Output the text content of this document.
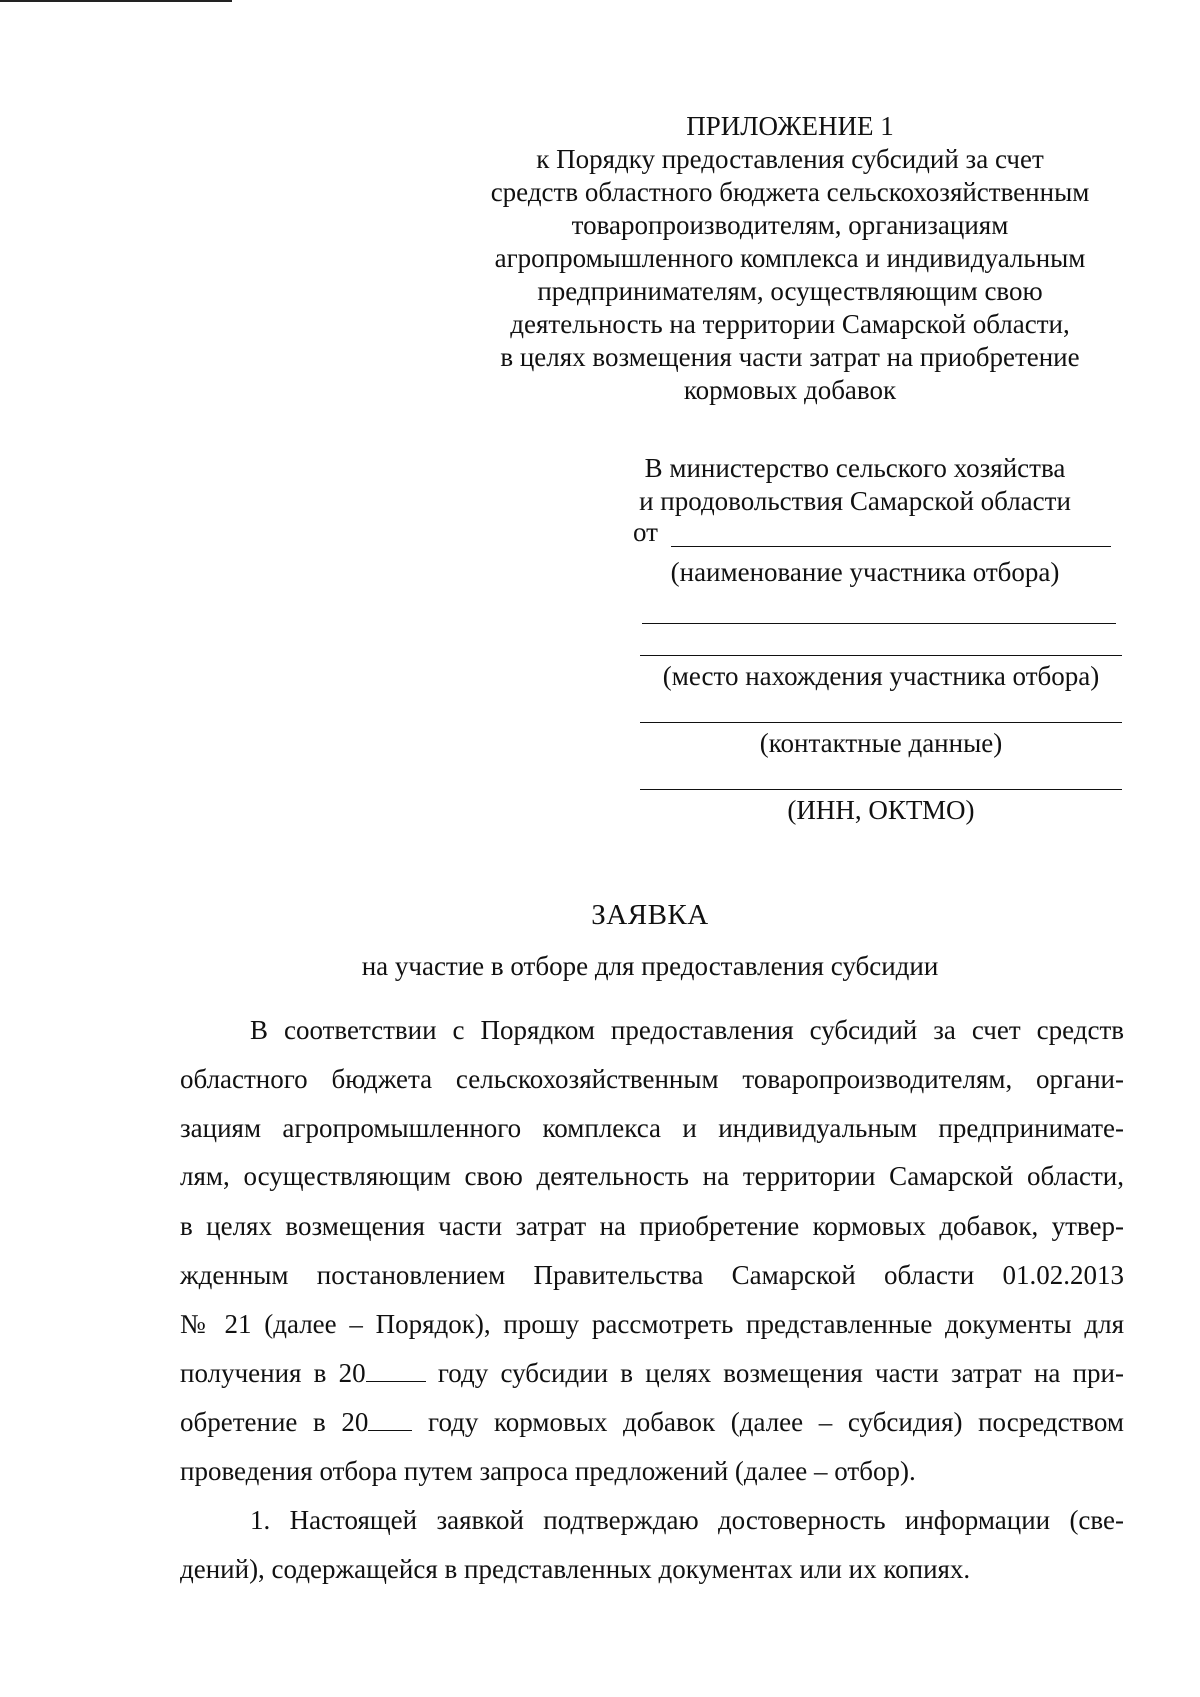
ПРИЛОЖЕНИЕ 1
к Порядку предоставления субсидий за счет
средств областного бюджета сельскохозяйственным
товаропроизводителям, организациям
агропромышленного комплекса и индивидуальным
предпринимателям, осуществляющим свою
деятельность на территории Самарской области,
в целях возмещения части затрат на приобретение
кормовых добавок
В министерство сельского хозяйства
и продовольствия Самарской области
от
(наименование участника отбора)
(место нахождения участника отбора)
(контактные данные)
(ИНН, ОКТМО)
ЗАЯВКА
на участие в отборе для предоставления субсидии
В соответствии с Порядком предоставления субсидий за счет средств
областного бюджета сельскохозяйственным товаропроизводителям, органи-
зациям агропромышленного комплекса и индивидуальным предпринимате-
лям, осуществляющим свою деятельность на территории Самарской области,
в целях возмещения части затрат на приобретение кормовых добавок, утвер-
жденным постановлением Правительства Самарской области 01.02.2013
№ 21 (далее – Порядок), прошу рассмотреть представленные документы для
получения в 20 году субсидии в целях возмещения части затрат на при-
обретение в 20 году кормовых добавок (далее – субсидия) посредством
проведения отбора путем запроса предложений (далее – отбор).
1. Настоящей заявкой подтверждаю достоверность информации (све-
дений), содержащейся в представленных документах или их копиях.
